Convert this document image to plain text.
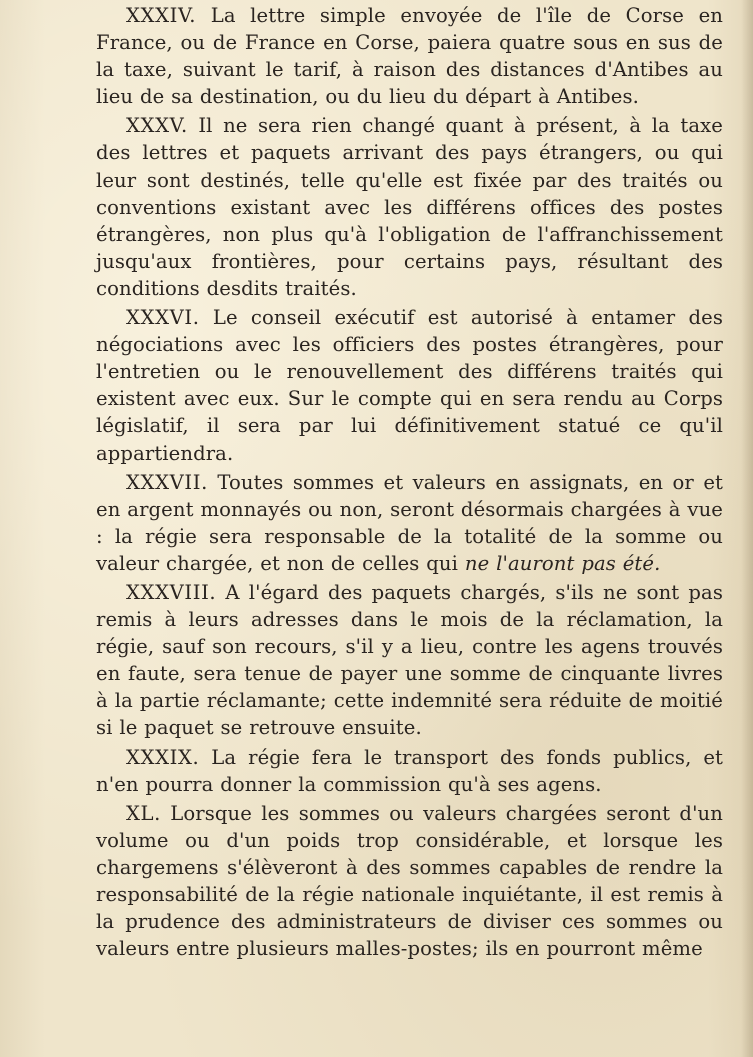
XXXIV. La lettre simple envoyée de l'île de Corse en France, ou de France en Corse, paiera quatre sous en sus de la taxe, suivant le tarif, à raison des distances d'Antibes au lieu de sa destination, ou du lieu du départ à Antibes.

XXXV. Il ne sera rien changé quant à présent, à la taxe des lettres et paquets arrivant des pays étrangers, ou qui leur sont destinés, telle qu'elle est fixée par des traités ou conventions existant avec les différens offices des postes étrangères, non plus qu'à l'obligation de l'affranchissement jusqu'aux frontières, pour certains pays, résultant des conditions desdits traités.

XXXVI. Le conseil exécutif est autorisé à entamer des négociations avec les officiers des postes étrangères, pour l'entretien ou le renouvellement des différens traités qui existent avec eux. Sur le compte qui en sera rendu au Corps législatif, il sera par lui définitivement statué ce qu'il appartiendra.

XXXVII. Toutes sommes et valeurs en assignats, en or et en argent monnayés ou non, seront désormais chargées à vue : la régie sera responsable de la totalité de la somme ou valeur chargée, et non de celles qui ne l'auront pas été.

XXXVIII. A l'égard des paquets chargés, s'ils ne sont pas remis à leurs adresses dans le mois de la réclamation, la régie, sauf son recours, s'il y a lieu, contre les agens trouvés en faute, sera tenue de payer une somme de cinquante livres à la partie réclamante; cette indemnité sera réduite de moitié si le paquet se retrouve ensuite.

XXXIX. La régie fera le transport des fonds publics, et n'en pourra donner la commission qu'à ses agens.

XL. Lorsque les sommes ou valeurs chargées seront d'un volume ou d'un poids trop considérable, et lorsque les chargemens s'élèveront à des sommes capables de rendre la responsabilité de la régie nationale inquiétante, il est remis à la prudence des administrateurs de diviser ces sommes ou valeurs entre plusieurs malles-postes; ils en pourront même
